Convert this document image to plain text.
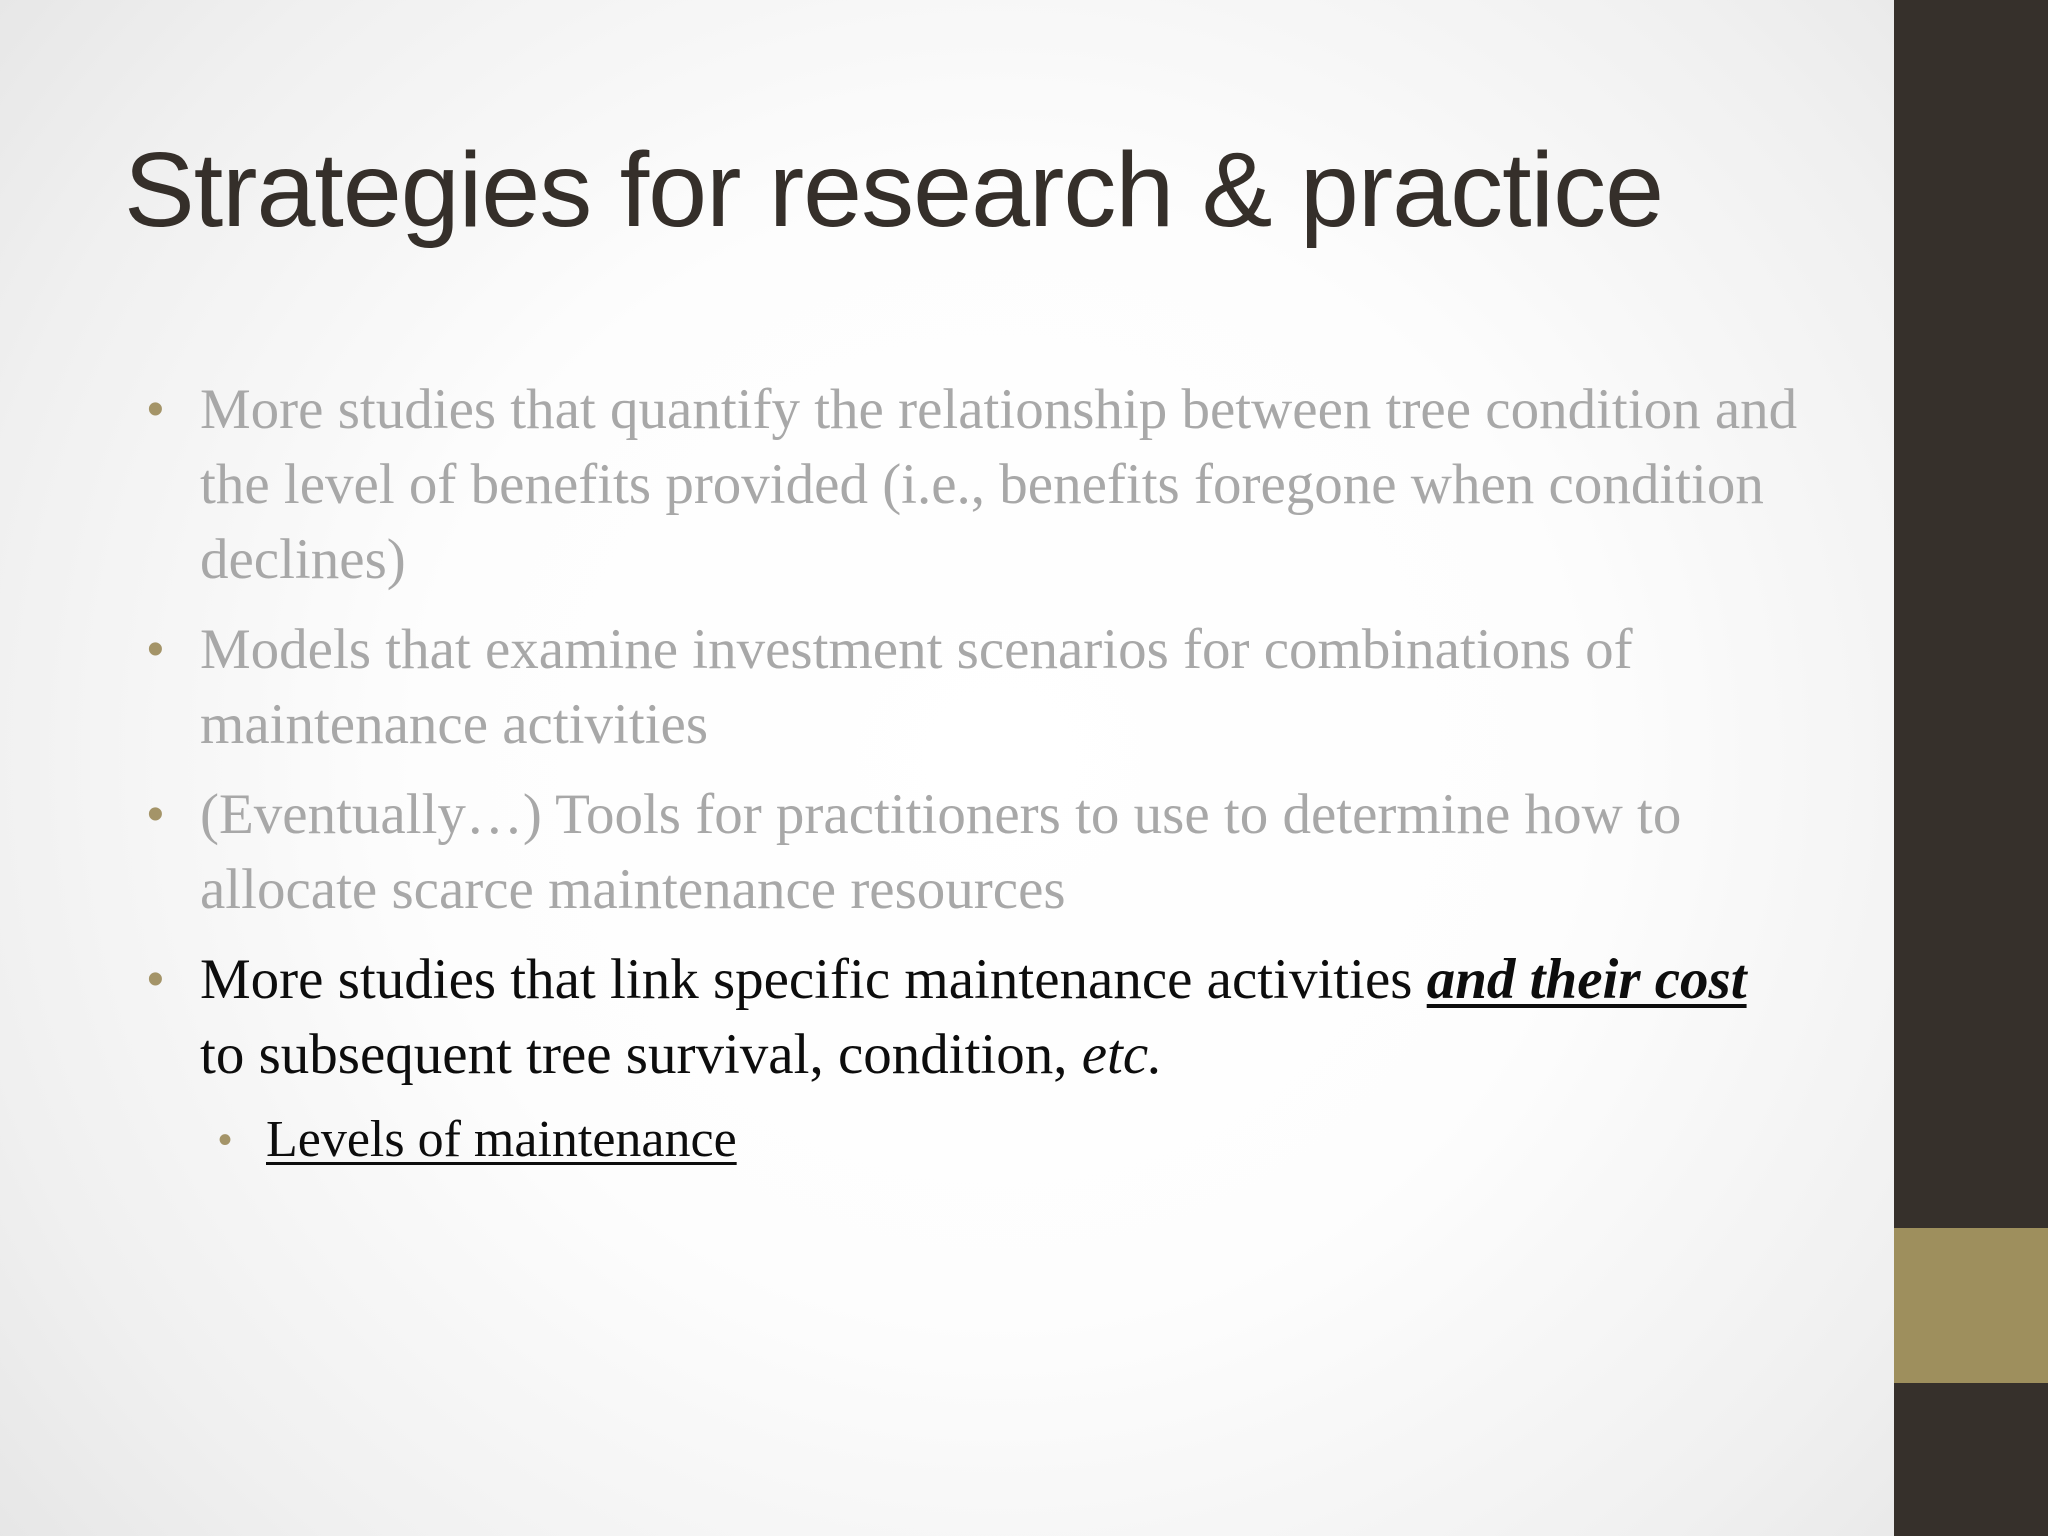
Strategies for research & practice
• More studies that quantify the relationship between tree condition and the level of benefits provided (i.e., benefits foregone when condition declines)
• Models that examine investment scenarios for combinations of maintenance activities
• (Eventually…) Tools for practitioners to use to determine how to allocate scarce maintenance resources
• More studies that link specific maintenance activities and their cost to subsequent tree survival, condition, etc.
• Levels of maintenance
